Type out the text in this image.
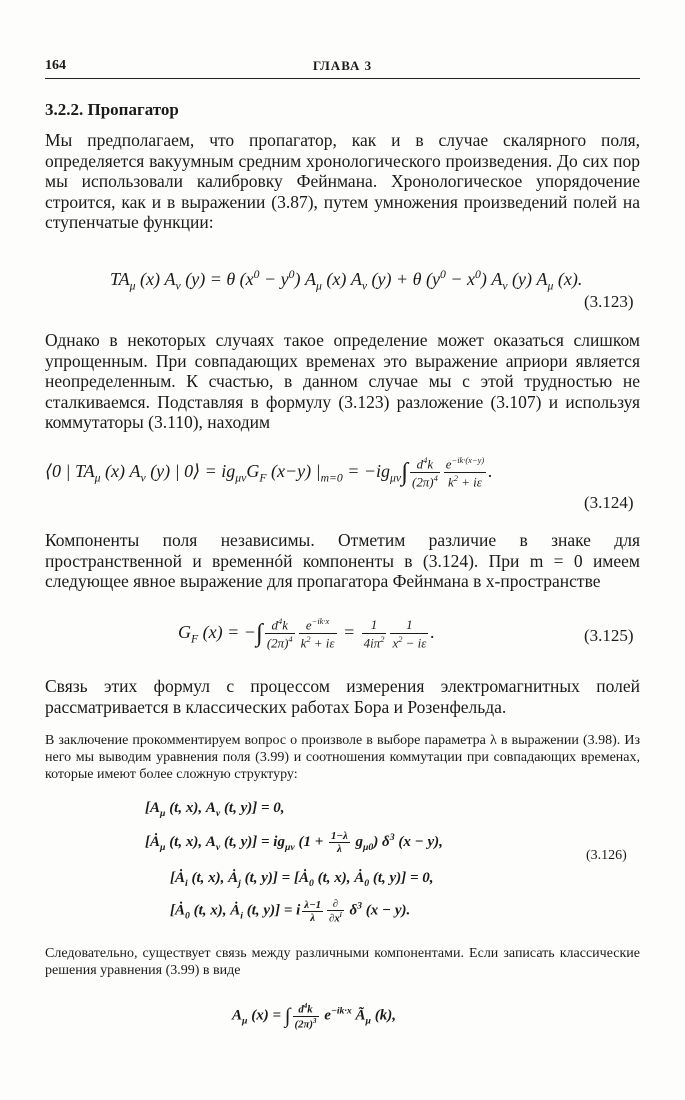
164	ГЛАВА 3
3.2.2. Пропагатор
Мы предполагаем, что пропагатор, как и в случае скалярного поля, определяется вакуумным средним хронологического произведения. До сих пор мы использовали калибровку Фейнмана. Хронологическое упорядочение строится, как и в выражении (3.87), путем умножения произведений полей на ступенчатые функции:
$TA_\mu$ (x) $A_\nu$ (y) = θ $(x^0 - y^0)$ $A_\mu$ (x) $A_\nu$ (y) + θ $(y^0 - x^0)$ $A_\nu$ (y) $A_\mu$ (x).
(3.123)
Однако в некоторых случаях такое определение может оказаться слишком упрощенным. При совпадающих временах это выражение априори является неопределенным. К счастью, в данном случае мы с этой трудностью не сталкиваемся. Подставляя в формулу (3.123) разложение (3.107) и используя коммутаторы (3.110), находим
⟨0 | $TA_\mu$ (x) $A_\nu$ (y) | 0⟩ = $ig_{\mu\nu}G_F$ (x−y) $|_{m=0} = -ig_{\mu\nu}\int \frac{d^4k}{(2\pi)^4} \frac{e^{-ik\cdot(x-y)}}{k^2 + i\varepsilon}$ .
(3.124)
Компоненты поля независимы. Отметим различие в знаке для пространственной и временнóй компоненты в (3.124). При m = 0 имеем следующее явное выражение для пропагатора Фейнмана в x-пространстве
$G_F$ (x) = −∫ $\frac{d^4k}{(2\pi)^4} \frac{e^{-ik\cdot x}}{k^2 + i\varepsilon} = \frac{1}{4i\pi^2} \frac{1}{x^2 - i\varepsilon}$ .	(3.125)
Связь этих формул с процессом измерения электромагнитных полей рассматривается в классических работах Бора и Розенфельда.
В заключение прокомментируем вопрос о произволе в выборе параметра λ в выражении (3.98). Из него мы выводим уравнения поля (3.99) и соотношения коммутации при совпадающих временах, которые имеют более сложную структуру:
[$A_\mu$ (t, x), $A_\nu$ (t, y)] = 0,
[$Ȧ_\mu$ (t, x), $A_\nu$ (t, $y)] = ig_{\mu\nu}$ $(1 + \frac{1-\lambda}{\lambda} g_{\mu 0})$ $\delta^3$ (x − y),
[$Ȧ_i$ (t, x), $Ȧ_j$ (t, $y)] = [Ȧ_0$ (t, x), $Ȧ_0$ (t, y)] = 0,
[$Ȧ_0$ (t, x), $Ȧ_i$ (t, y)] = i $\frac{\lambda-1}{\lambda} \frac{\partial}{\partial x^i} \delta^3$ (x − y).
(3.126)
Следовательно, существует связь между различными компонентами. Если записать классические решения уравнения (3.99) в виде
$A_\mu$ (x) = ∫ $\frac{d^4k}{(2\pi)^3} e^{-ik\cdot x}$ $Ã_\mu$ (k),
